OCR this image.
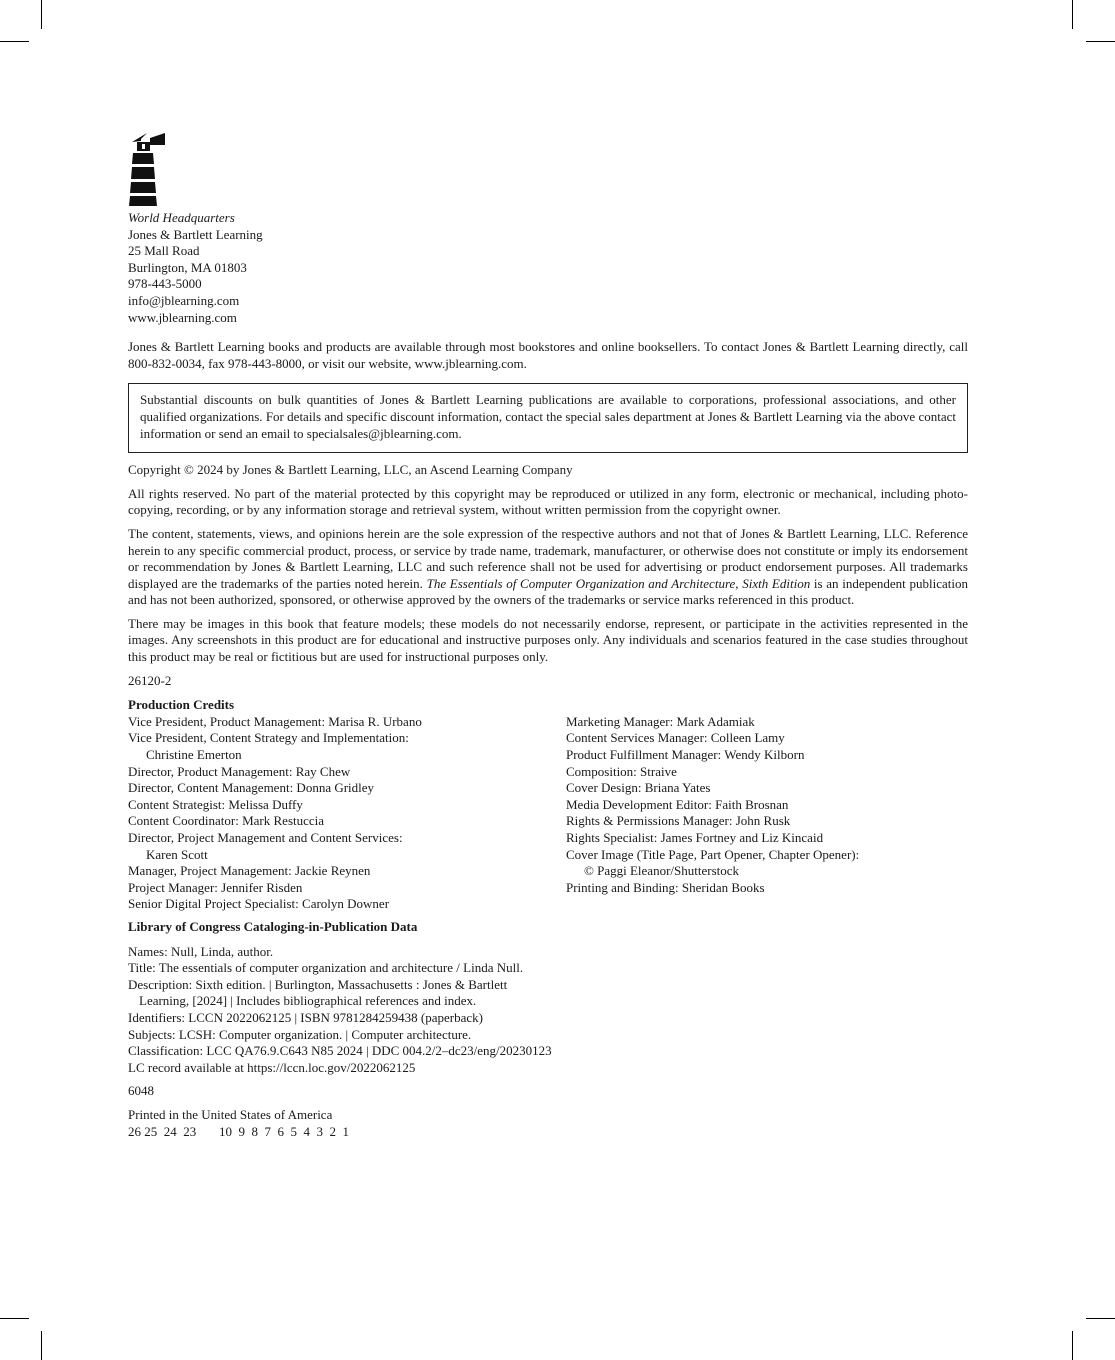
World Headquarters
Jones & Bartlett Learning
25 Mall Road
Burlington, MA 01803
978-443-5000
info@jblearning.com
www.jblearning.com

Jones & Bartlett Learning books and products are available through most bookstores and online booksellers. To contact Jones & Bartlett Learning directly, call 800-832-0034, fax 978-443-8000, or visit our website, www.jblearning.com.

Substantial discounts on bulk quantities of Jones & Bartlett Learning publications are available to corporations, professional associations, and other qualified organizations. For details and specific discount information, contact the special sales department at Jones & Bartlett Learning via the above contact information or send an email to specialsales@jblearning.com.

Copyright © 2024 by Jones & Bartlett Learning, LLC, an Ascend Learning Company

All rights reserved. No part of the material protected by this copyright may be reproduced or utilized in any form, electronic or mechanical, including photocopying, recording, or by any information storage and retrieval system, without written permission from the copyright owner.

The content, statements, views, and opinions herein are the sole expression of the respective authors and not that of Jones & Bartlett Learning, LLC. Reference herein to any specific commercial product, process, or service by trade name, trademark, manufacturer, or otherwise does not constitute or imply its endorsement or recommendation by Jones & Bartlett Learning, LLC and such reference shall not be used for advertising or product endorsement purposes. All trademarks displayed are the trademarks of the parties noted herein. The Essentials of Computer Organization and Architecture, Sixth Edition is an independent publication and has not been authorized, sponsored, or otherwise approved by the owners of the trademarks or service marks referenced in this product.

There may be images in this book that feature models; these models do not necessarily endorse, represent, or participate in the activities represented in the images. Any screenshots in this product are for educational and instructive purposes only. Any individuals and scenarios featured in the case studies throughout this product may be real or fictitious but are used for instructional purposes only.

26120-2
Production Credits
Vice President, Product Management: Marisa R. Urbano
Vice President, Content Strategy and Implementation:
Christine Emerton
Director, Product Management: Ray Chew
Director, Content Management: Donna Gridley
Content Strategist: Melissa Duffy
Content Coordinator: Mark Restuccia
Director, Project Management and Content Services:
Karen Scott
Manager, Project Management: Jackie Reynen
Project Manager: Jennifer Risden
Senior Digital Project Specialist: Carolyn Downer
Marketing Manager: Mark Adamiak
Content Services Manager: Colleen Lamy
Product Fulfillment Manager: Wendy Kilborn
Composition: Straive
Cover Design: Briana Yates
Media Development Editor: Faith Brosnan
Rights & Permissions Manager: John Rusk
Rights Specialist: James Fortney and Liz Kincaid
Cover Image (Title Page, Part Opener, Chapter Opener):
© Paggi Eleanor/Shutterstock
Printing and Binding: Sheridan Books
Library of Congress Cataloging-in-Publication Data
Names: Null, Linda, author.
Title: The essentials of computer organization and architecture / Linda Null.
Description: Sixth edition. | Burlington, Massachusetts : Jones & Bartlett
Learning, [2024] | Includes bibliographical references and index.
Identifiers: LCCN 2022062125 | ISBN 9781284259438 (paperback)
Subjects: LCSH: Computer organization. | Computer architecture.
Classification: LCC QA76.9.C643 N85 2024 | DDC 004.2/2–dc23/eng/20230123
LC record available at https://lccn.loc.gov/2022062125
6048
Printed in the United States of America
26 25  24  23       10  9  8  7  6  5  4  3  2  1
